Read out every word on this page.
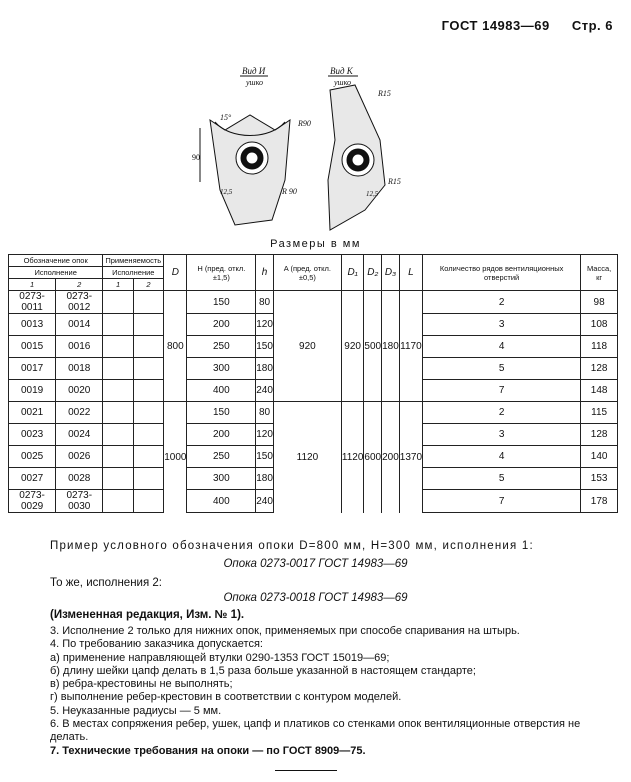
ГОСТ 14983—69 Стр. 6
Вид И
ушко
90
15°
12,5	R 90
Вид К
ушко
R15
R90
R15
12,5
Размеры в мм
Обозначение опок		Применяемость		D	H (пред. откл. ±1,5)	h	A (пред. откл. ±0,5)	D₁	D₂	D₃	L	Количество рядов вентиляционных отверстий	Масса, кг
Исполнение		Исполнение											
1	2	1	2										
0273-0011	0273-0012			800	150	80	920	920	500	180	1170	2	98
0013	0014				200	120						3	108
0015	0016				250	150						4	118
0017	0018				300	180						5	128
0019	0020				400	240						7	148
0021	0022			1000	150	80	1120	1120	600	200	1370	2	115
0023	0024				200	120						3	128
0025	0026				250	150						4	140
0027	0028				300	180						5	153
0273-0029	0273-0030				400	240						7	178
Пример условного обозначения опоки D=800 мм, H=300 мм, исполнения 1:
Опока 0273-0017 ГОСТ 14983—69
То же, исполнения 2:
Опока 0273-0018 ГОСТ 14983—69
(Измененная редакция, Изм. № 1).
3. Исполнение 2 только для нижних опок, применяемых при способе спаривания на штырь.
4. По требованию заказчика допускается:
а) применение направляющей втулки 0290-1353 ГОСТ 15019—69;
б) длину шейки цапф делать в 1,5 раза больше указанной в настоящем стандарте;
в) ребра-крестовины не выполнять;
г) выполнение ребер-крестовин в соответствии с контуром моделей.
5. Неуказанные радиусы — 5 мм.
6. В местах сопряжения ребер, ушек, цапф и платиков со стенками опок вентиляционные отверстия не делать.
7. Технические требования на опоки — по ГОСТ 8909—75.
